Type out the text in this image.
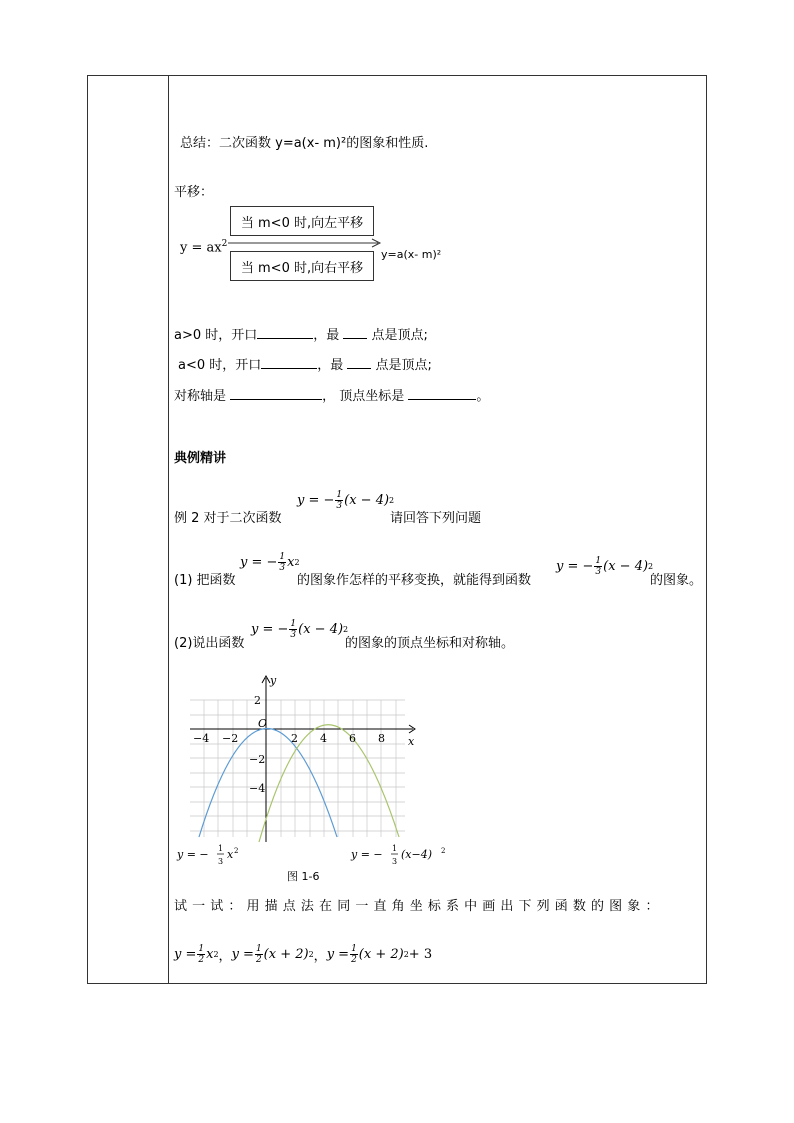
总结：二次函数 y=a(x- m)²的图象和性质.
平移：
当 m<0 时,向左平移
当 m<0 时,向右平移
$y = ax^2$
y=a(x- m)²
a>0 时，开口	，最  点是顶点;
a<0 时，开口	，最  点是顶点;
对称轴是	， 顶点坐标是	。
典例精讲
例 2 对于二次函数
y = − $\frac{1}{3} (x - 4)$ 2
请回答下列问题
(1) 把函数
y = − $\frac{1}{3}$ x 2
的图象作怎样的平移变换，就能得到函数
y = − $\frac{1}{3} (x - 4)$ 2
的图象。
(2)说出函数
y = − $\frac{1}{3} (x - 4)$ 2
的图象的顶点坐标和对称轴。
y
x
O
−4 −2	2 4 6 8
2
−2
−4
y = − 1
3
x 2	y = − 1
3
(x−4) 2
图 1-6
试 一 试 ： 用 描 点 法 在 同 一 直 角 坐 标 系 中 画 出 下 列 函 数 的 图 象 ：
$y = \frac{1}{2}$ x 2 ， $y = \frac{1}{2} (x + 2)$ 2 ， $y = \frac{1}{2} (x + 2) 2 + 3$
